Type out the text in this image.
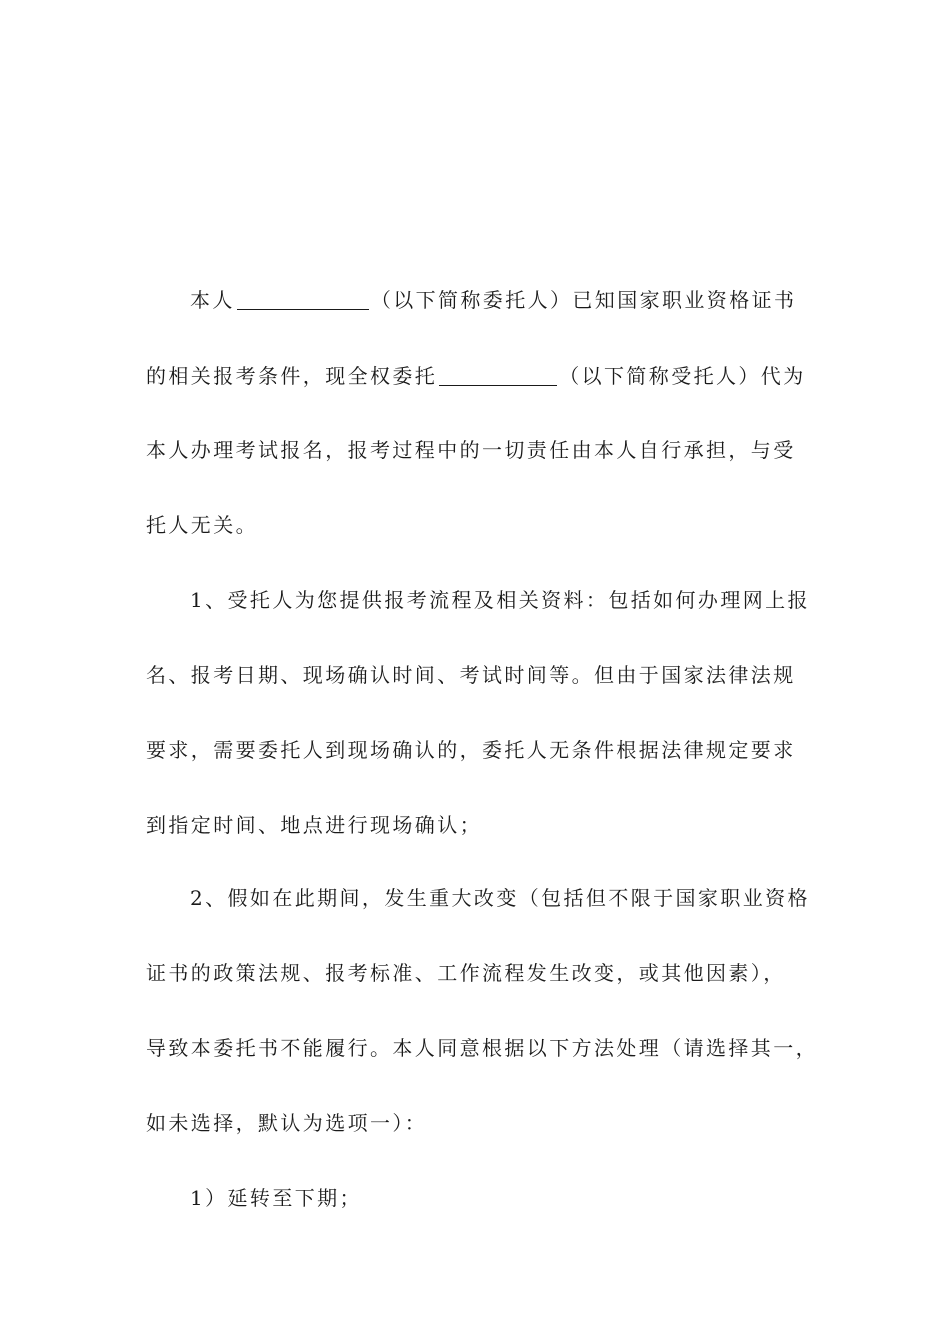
本人	（以下简称委托人）已知国家职业资格证书
的相关报考条件，现全权委托	（以下简称受托人）代为
本人办理考试报名，报考过程中的一切责任由本人自行承担，与受
托人无关。
1、受托人为您提供报考流程及相关资料：包括如何办理网上报
名、报考日期、现场确认时间、考试时间等。但由于国家法律法规
要求，需要委托人到现场确认的，委托人无条件根据法律规定要求
到指定时间、地点进行现场确认；
2、假如在此期间，发生重大改变（包括但不限于国家职业资格
证书的政策法规、报考标准、工作流程发生改变，或其他因素），
导致本委托书不能履行。本人同意根据以下方法处理（请选择其一，
如未选择，默认为选项一）：
1）延转至下期；
